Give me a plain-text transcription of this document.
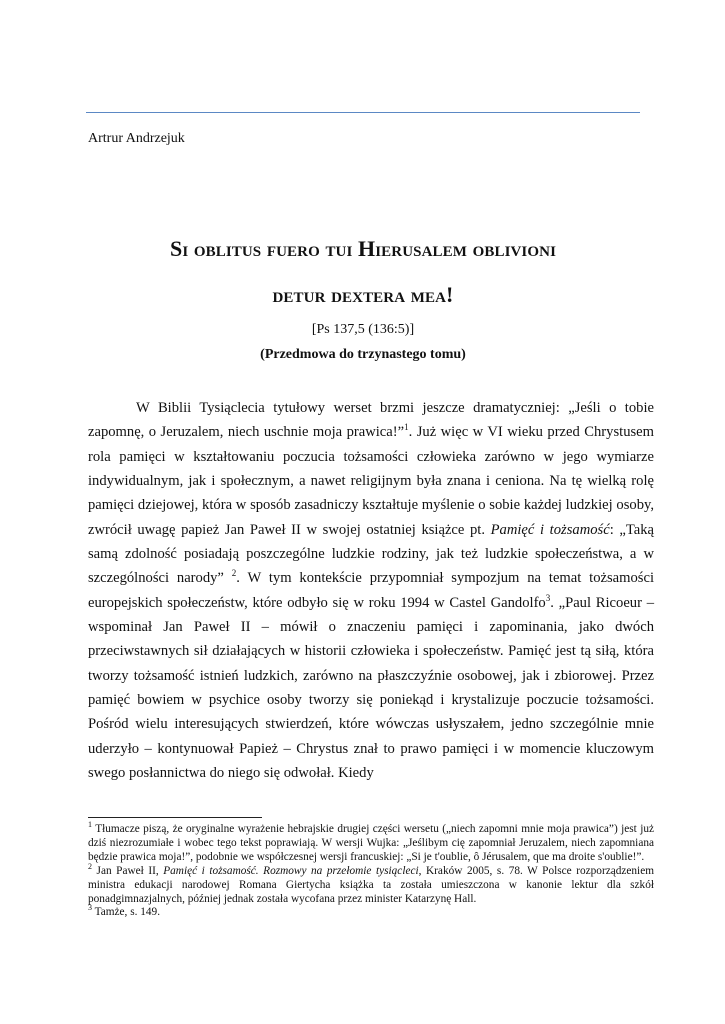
Artrur Andrzejuk
Si oblitus fuero tui Hierusalem oblivioni
detur dextera mea!
[Ps 137,5 (136:5)]
(Przedmowa do trzynastego tomu)

W Biblii Tysiąclecia tytułowy werset brzmi jeszcze dramatyczniej: „Jeśli o tobie zapomnę, o Jeruzalem, niech uschnie moja prawica!”$^1$. Już więc w VI wieku przed Chrystusem rola pamięci w kształtowaniu poczucia tożsamości człowieka zarówno w jego wymiarze indywidualnym, jak i społecznym, a nawet religijnym była znana i ceniona. Na tę wielką rolę pamięci dziejowej, która w sposób zasadniczy kształtuje myślenie o sobie każdej ludzkiej osoby, zwrócił uwagę papież Jan Paweł II w swojej ostatniej książce pt. Pamięć i tożsamość: „Taką samą zdolność posiadają poszczególne ludzkie rodziny, jak też ludzkie społeczeństwa, a w szczególności narody” $^2$. W tym kontekście przypomniał sympozjum na temat tożsamości europejskich społeczeństw, które odbyło się w roku 1994 w Castel Gandolfo$^3$. „Paul Ricoeur – wspominał Jan Paweł II – mówił o znaczeniu pamięci i zapominania, jako dwóch przeciwstawnych sił działających w historii człowieka i społeczeństw. Pamięć jest tą siłą, która tworzy tożsamość istnień ludzkich, zarówno na płaszczyźnie osobowej, jak i zbiorowej. Przez pamięć bowiem w psychice osoby tworzy się poniekąd i krystalizuje poczucie tożsamości. Pośród wielu interesujących stwierdzeń, które wówczas usłyszałem, jedno szczególnie mnie uderzyło – kontynuował Papież – Chrystus znał to prawo pamięci i w momencie kluczowym swego posłannictwa do niego się odwołał. Kiedy

$^1$ Tłumacze piszą, że oryginalne wyrażenie hebrajskie drugiej części wersetu („niech zapomni mnie moja prawica”) jest już dziś niezrozumiałe i wobec tego tekst poprawiają. W wersji Wujka: „Jeślibym cię zapomniał Jeruzalem, niech zapomniana będzie prawica moja!”, podobnie we współczesnej wersji francuskiej: „Si je t'oublie, ô Jérusalem, que ma droite s'oublie!”.

$^2$ Jan Paweł II, Pamięć i tożsamość. Rozmowy na przełomie tysiącleci, Kraków 2005, s. 78. W Polsce rozporządzeniem ministra edukacji narodowej Romana Giertycha książka ta została umieszczona w kanonie lektur dla szkół ponadgimnazjalnych, później jednak została wycofana przez minister Katarzynę Hall.

$^3$ Tamże, s. 149.
